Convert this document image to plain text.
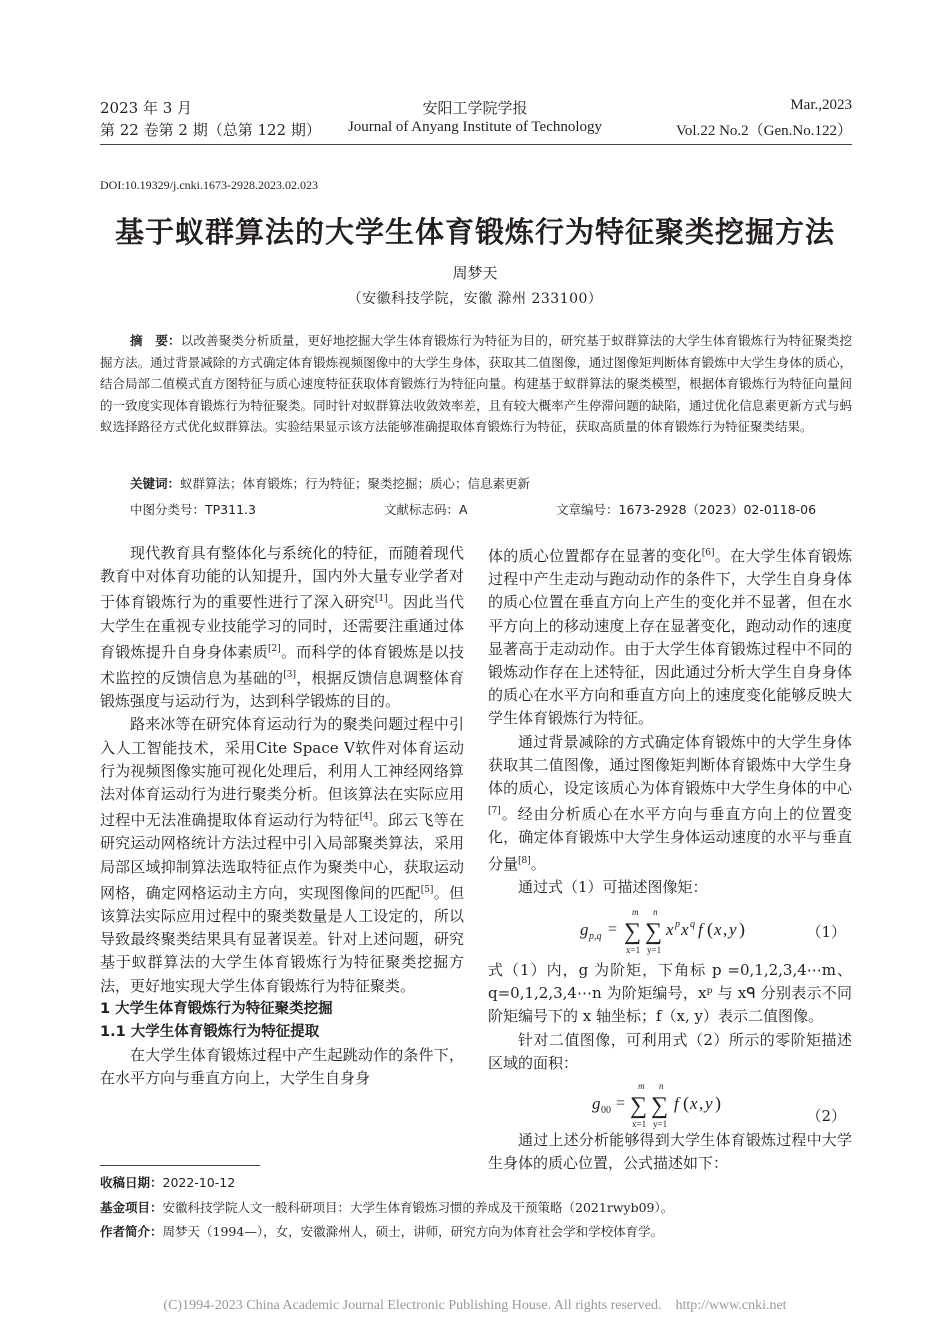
2023 年 3 月
第 22 卷第 2 期（总第 122 期）
安阳工学院学报
Journal of Anyang Institute of Technology
Mar.,2023
Vol.22 No.2（Gen.No.122）
DOI:10.19329/j.cnki.1673-2928.2023.02.023
基于蚁群算法的大学生体育锻炼行为特征聚类挖掘方法
周梦天
（安徽科技学院，安徽 滁州 233100）
摘　要：以改善聚类分析质量，更好地挖掘大学生体育锻炼行为特征为目的，研究基于蚁群算法的大学生体育锻炼行为特征聚类挖掘方法。通过背景减除的方式确定体育锻炼视频图像中的大学生身体，获取其二值图像，通过图像矩判断体育锻炼中大学生身体的质心，结合局部二值模式直方图特征与质心速度特征获取体育锻炼行为特征向量。构建基于蚁群算法的聚类模型，根据体育锻炼行为特征向量间的一致度实现体育锻炼行为特征聚类。同时针对蚁群算法收敛效率差，且有较大概率产生停滞问题的缺陷，通过优化信息素更新方式与蚂蚁选择路径方式优化蚁群算法。实验结果显示该方法能够准确提取体育锻炼行为特征，获取高质量的体育锻炼行为特征聚类结果。
关键词：蚁群算法；体育锻炼；行为特征；聚类挖掘；质心；信息素更新
中图分类号：TP311.3	文献标志码：A	文章编号：1673-2928（2023）02-0118-06

现代教育具有整体化与系统化的特征，而随着现代教育中对体育功能的认知提升，国内外大量专业学者对于体育锻炼行为的重要性进行了深入研究[1]。因此当代大学生在重视专业技能学习的同时，还需要注重通过体育锻炼提升自身身体素质[2]。而科学的体育锻炼是以技术监控的反馈信息为基础的[3]，根据反馈信息调整体育锻炼强度与运动行为，达到科学锻炼的目的。

路来冰等在研究体育运动行为的聚类问题过程中引入人工智能技术，采用Cite Space V软件对体育运动行为视频图像实施可视化处理后，利用人工神经网络算法对体育运动行为进行聚类分析。但该算法在实际应用过程中无法准确提取体育运动行为特征[4]。邱云飞等在研究运动网格统计方法过程中引入局部聚类算法，采用局部区域抑制算法选取特征点作为聚类中心，获取运动网格，确定网格运动主方向，实现图像间的匹配[5]。但该算法实际应用过程中的聚类数量是人工设定的，所以导致最终聚类结果具有显著误差。针对上述问题，研究基于蚁群算法的大学生体育锻炼行为特征聚类挖掘方法，更好地实现大学生体育锻炼行为特征聚类。

1 大学生体育锻炼行为特征聚类挖掘

1.1 大学生体育锻炼行为特征提取

在大学生体育锻炼过程中产生起跳动作的条件下，在水平方向与垂直方向上，大学生自身身

体的质心位置都存在显著的变化[6]。在大学生体育锻炼过程中产生走动与跑动动作的条件下，大学生自身身体的质心位置在垂直方向上产生的变化并不显著，但在水平方向上的移动速度上存在显著变化，跑动动作的速度显著高于走动动作。由于大学生体育锻炼过程中不同的锻炼动作存在上述特征，因此通过分析大学生自身身体的质心在水平方向和垂直方向上的速度变化能够反映大学生体育锻炼行为特征。

通过背景减除的方式确定体育锻炼中的大学生身体获取其二值图像，通过图像矩判断体育锻炼中大学生身体的质心，设定该质心为体育锻炼中大学生身体的中心[7]。经由分析质心在水平方向与垂直方向上的位置变化，确定体育锻炼中大学生身体运动速度的水平与垂直分量[8]。

通过式（1）可描述图像矩：

g p,q = ∑
m
x=1
∑
n
y=1
x p x q f ( x , y )	（1）

式（1）内，g 为阶矩，下角标 p =0,1,2,3,4⋯m、q=0,1,2,3,4⋯n 为阶矩编号，xᵖ 与 xᑫ 分别表示不同阶矩编号下的 x 轴坐标；f（x, y）表示二值图像。

针对二值图像，可利用式（2）所示的零阶矩描述区域的面积：

g 00 = ∑
m
x=1
∑
n
y=1
f ( x , y )
（2）

通过上述分析能够得到大学生体育锻炼过程中大学生身体的质心位置，公式描述如下：

收稿日期：2022-10-12
基金项目：安徽科技学院人文一般科研项目：大学生体育锻炼习惯的养成及干预策略（2021rwyb09）。
作者简介：周梦天（1994—），女，安徽滁州人，硕士，讲师，研究方向为体育社会学和学校体育学。
(C)1994-2023 China Academic Journal Electronic Publishing House. All rights reserved.    http://www.cnki.net
